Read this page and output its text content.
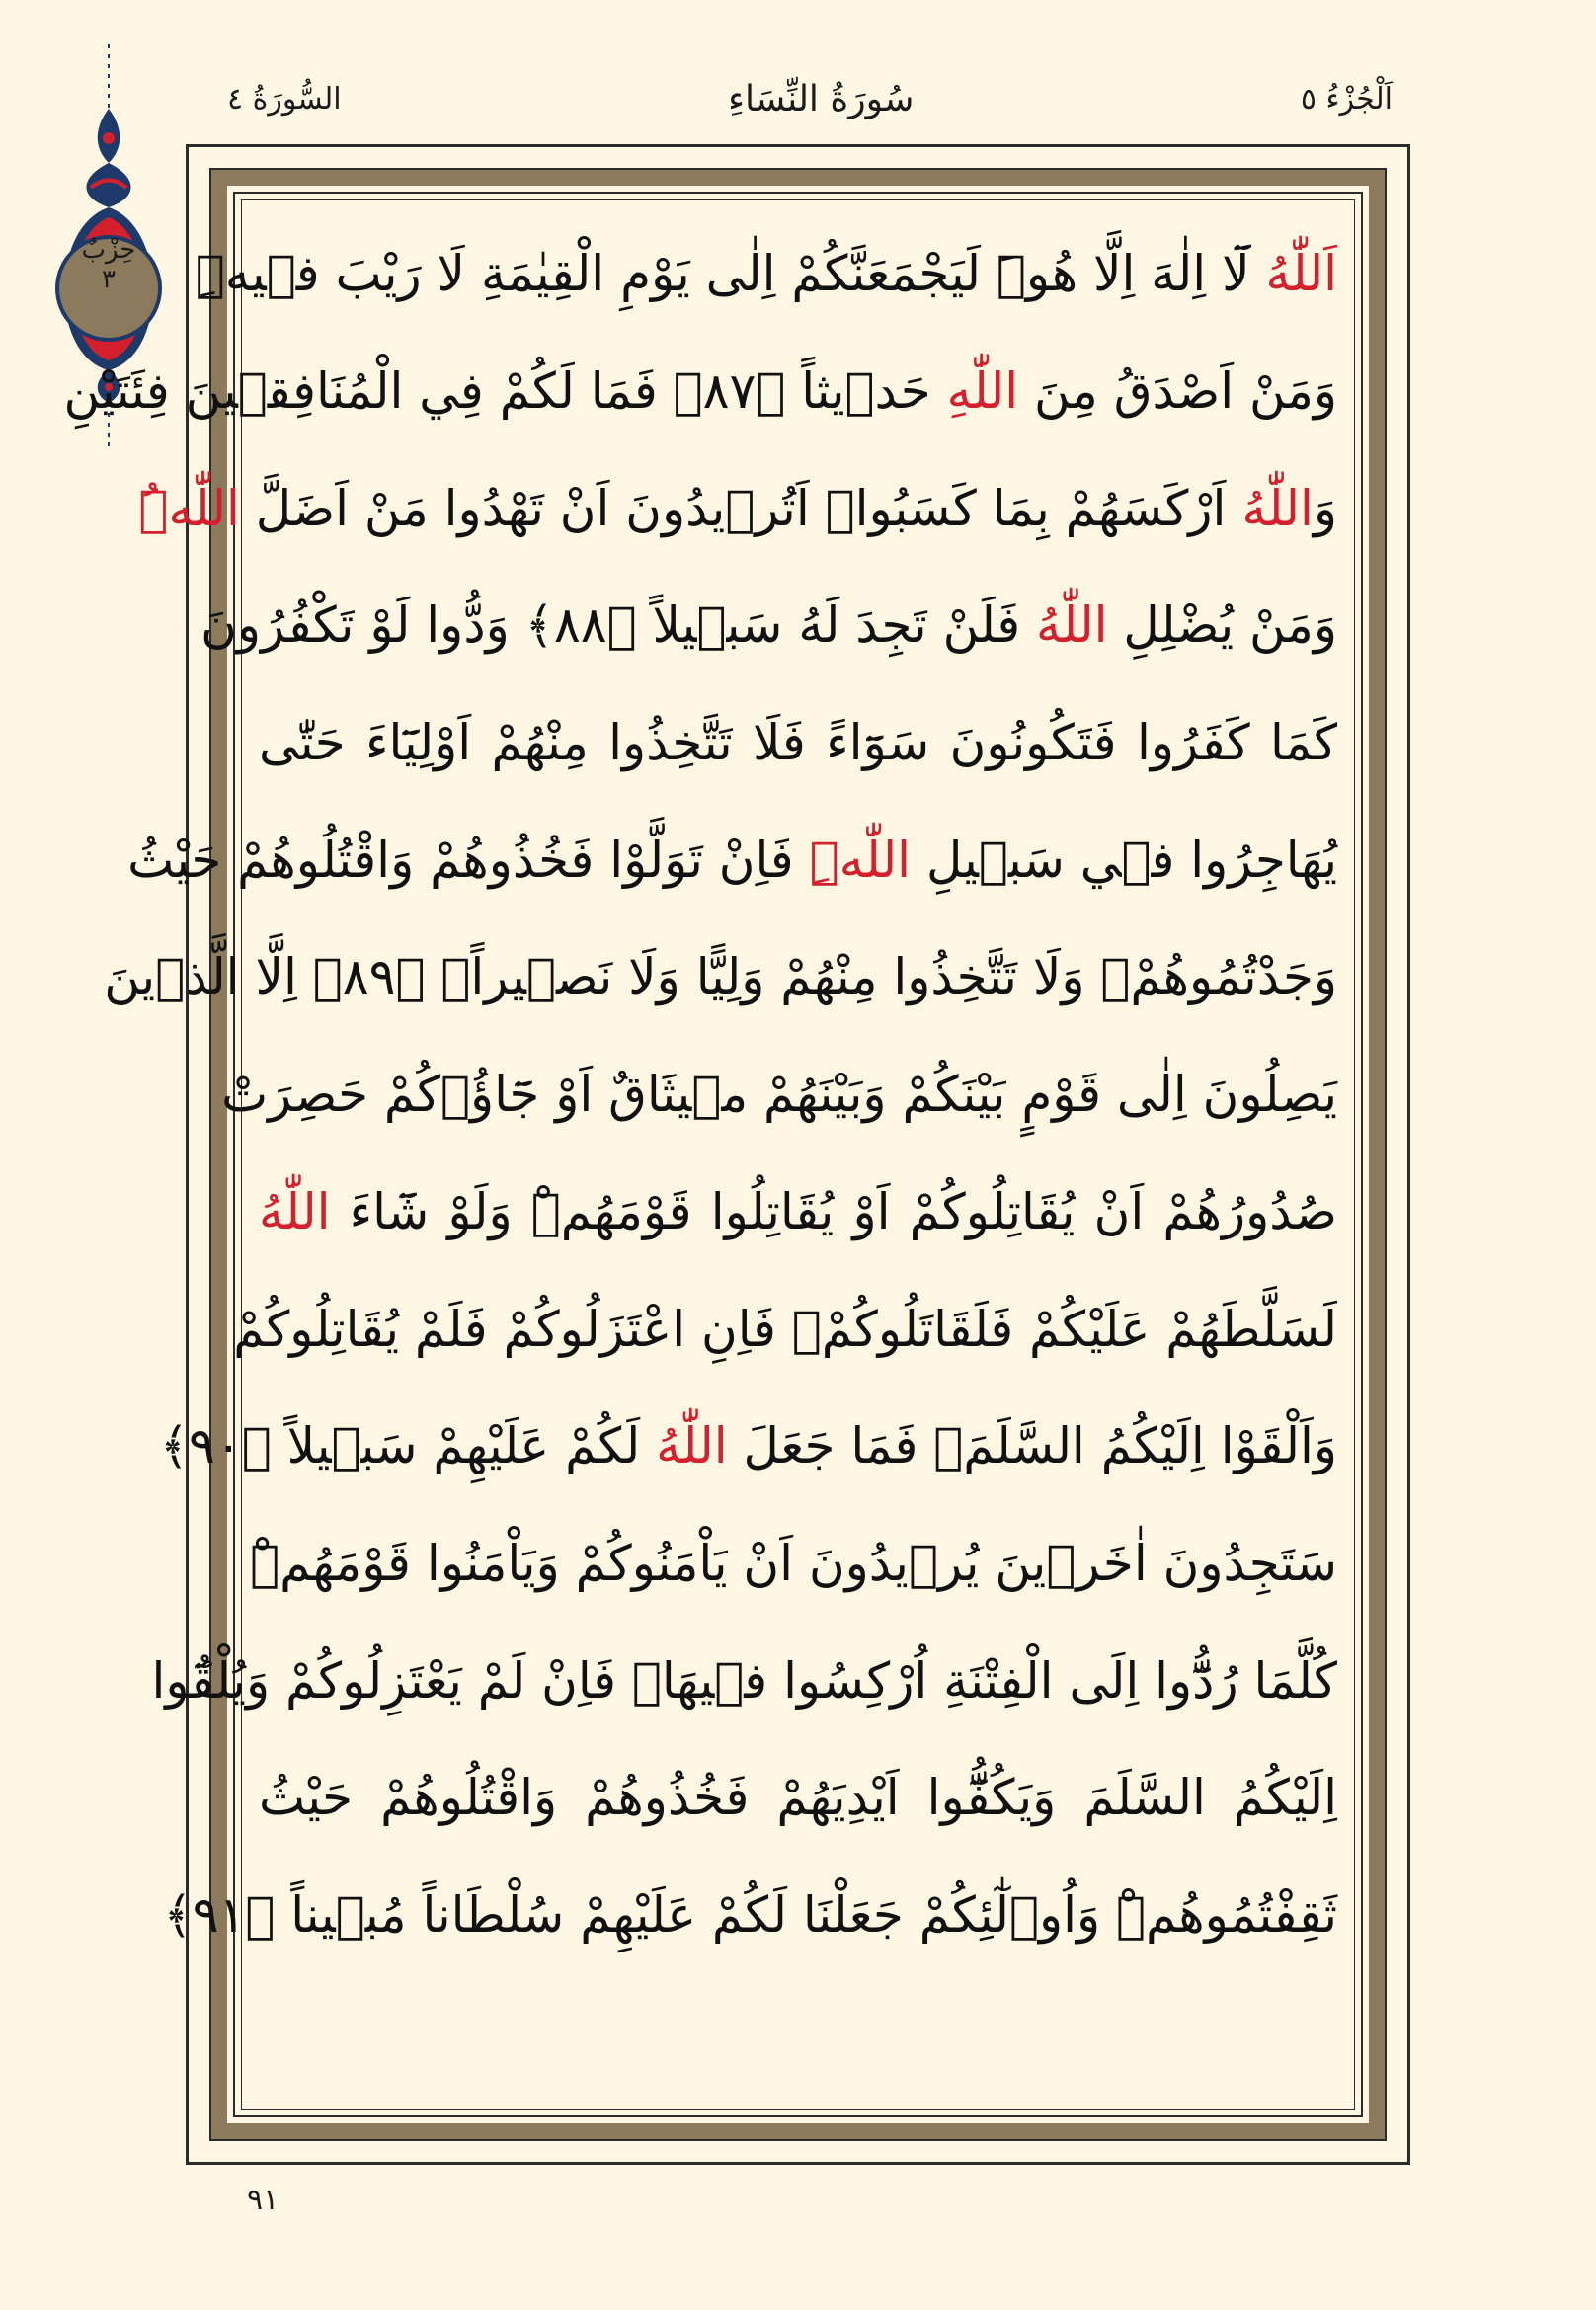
اَلْجُزْءُ ٥
سُورَةُ النِّسَاءِ
السُّورَةُ ٤
حِزْبٌ
٣	اَللّٰهُ لَٓا اِلٰهَ اِلَّا هُوَۜ لَيَجْمَعَنَّكُمْ اِلٰى يَوْمِ الْقِيٰمَةِ لَا رَيْبَ فٖيهِۜ
وَمَنْ اَصْدَقُ مِنَ اللّٰهِ حَدٖيثاً ﴿٨٧﴾ فَمَا لَكُمْ فِي الْمُنَافِقٖينَ فِئَتَيْنِ
وَاللّٰهُ اَرْكَسَهُمْ بِمَا كَسَبُواۜ اَتُرٖيدُونَ اَنْ تَهْدُوا مَنْ اَضَلَّ اللّٰهُ
وَمَنْ يُضْلِلِ اللّٰهُ فَلَنْ تَجِدَ لَهُ سَبٖيلاً ﴿٨٨﴾ وَدُّوا لَوْ تَكْفُرُونَ
كَمَا كَفَرُوا فَتَكُونُونَ سَوَٓاءً فَلَا تَتَّخِذُوا مِنْهُمْ اَوْلِيَٓاءَ حَتّٰى
يُهَاجِرُوا فٖي سَبٖيلِ اللّٰهِۜ فَاِنْ تَوَلَّوْا فَخُذُوهُمْ وَاقْتُلُوهُمْ حَيْثُ
وَجَدْتُمُوهُمْۖ وَلَا تَتَّخِذُوا مِنْهُمْ وَلِيًّا وَلَا نَصٖيراًۙ ﴿٨٩﴾ اِلَّا الَّذٖينَ
يَصِلُونَ اِلٰى قَوْمٍ بَيْنَكُمْ وَبَيْنَهُمْ مٖيثَاقٌ اَوْ جَٓاؤُ۫كُمْ حَصِرَتْ
صُدُورُهُمْ اَنْ يُقَاتِلُوكُمْ اَوْ يُقَاتِلُوا قَوْمَهُمْۜ وَلَوْ شَٓاءَ اللّٰهُ
لَسَلَّطَهُمْ عَلَيْكُمْ فَلَقَاتَلُوكُمْۚ فَاِنِ اعْتَزَلُوكُمْ فَلَمْ يُقَاتِلُوكُمْ
وَاَلْقَوْا اِلَيْكُمُ السَّلَمَۙ فَمَا جَعَلَ اللّٰهُ لَكُمْ عَلَيْهِمْ سَبٖيلاً ﴿٩٠﴾
سَتَجِدُونَ اٰخَرٖينَ يُرٖيدُونَ اَنْ يَاْمَنُوكُمْ وَيَاْمَنُوا قَوْمَهُمْۜ
كُلَّمَا رُدُّٓوا اِلَى الْفِتْنَةِ اُرْكِسُوا فٖيهَاۚ فَاِنْ لَمْ يَعْتَزِلُوكُمْ وَيُلْقُٓوا
اِلَيْكُمُ السَّلَمَ وَيَكُفُّٓوا اَيْدِيَهُمْ فَخُذُوهُمْ وَاقْتُلُوهُمْ حَيْثُ
ثَقِفْتُمُوهُمْۜ وَاُو۬لٰٓئِكُمْ جَعَلْنَا لَكُمْ عَلَيْهِمْ سُلْطَاناً مُبٖيناً ﴿٩١﴾
٩١
